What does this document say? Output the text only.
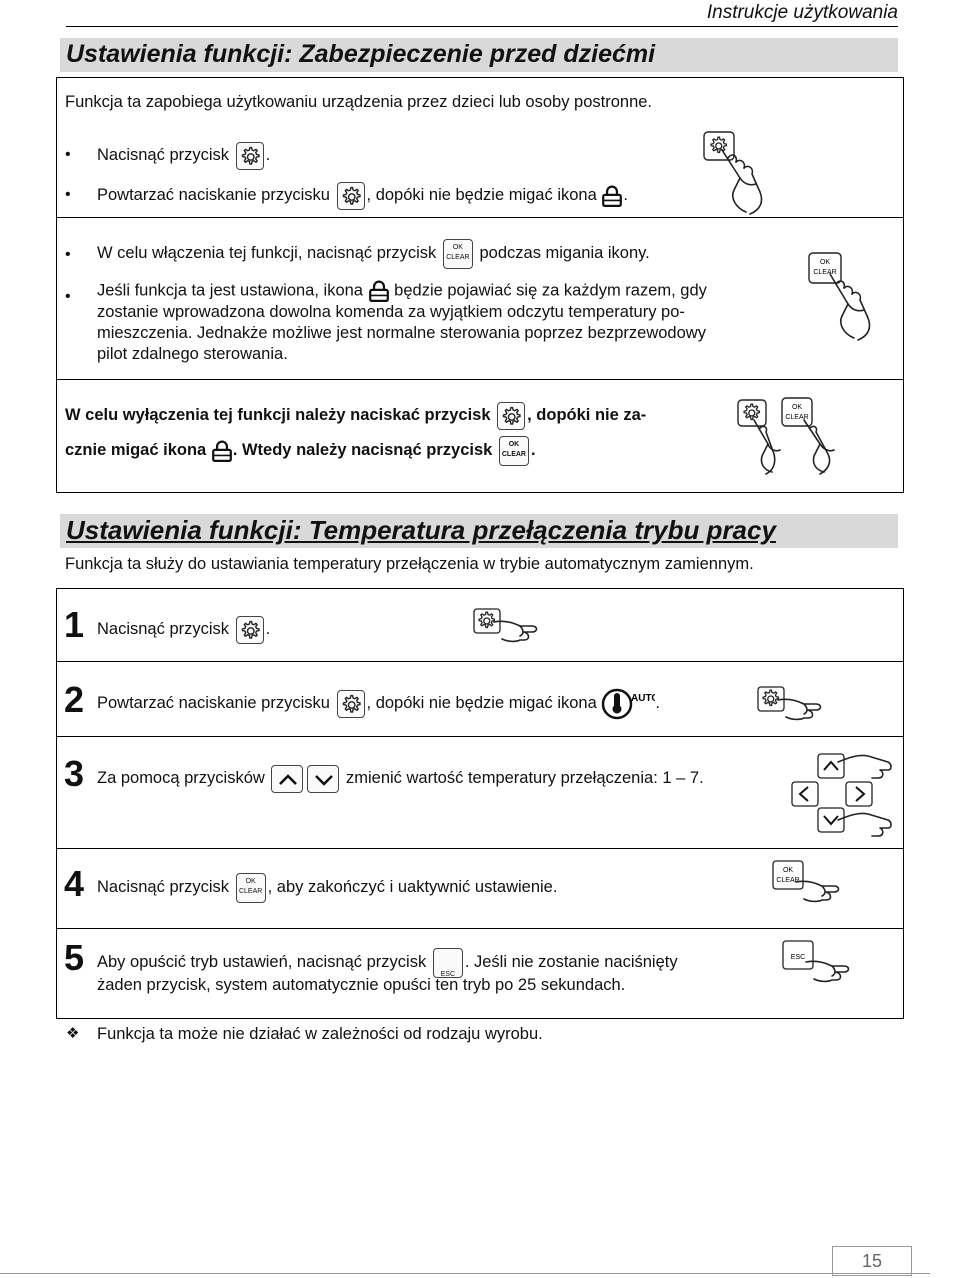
Instrukcje użytkowania
Ustawienia funkcji: Zabezpieczenie przed dziećmi
Funkcja ta zapobiega użytkowaniu urządzenia przez dzieci lub osoby postronne.
• Nacisnąć przycisk .
• Powtarzać naciskanie przycisku , dopóki nie będzie migać ikona .
• W celu włączenia tej funkcji, nacisnąć przycisk	OK
CLEAR podczas migania ikony.
• Jeśli funkcja ta jest ustawiona, ikona będzie pojawiać się za każdym razem, gdy
zostanie wprowadzona dowolna komenda za wyjątkiem odczytu temperatury po-
mieszczenia. Jednakże możliwe jest normalne sterowania poprzez bezprzewodowy
pilot zdalnego sterowania.
OK
CLEAR
W celu wyłączenia tej funkcji należy naciskać przycisk , dopóki nie za-
cznie migać ikona . Wtedy należy nacisnąć przycisk	OK
CLEAR .
OK
CLEAR
Ustawienia funkcji: Temperatura przełączenia trybu pracy
Funkcja ta służy do ustawiania temperatury przełączenia w trybie automatycznym zamiennym.
1 Nacisnąć przycisk .
2 Powtarzać naciskanie przycisku , dopóki nie będzie migać ikona	AUT .
3 Za pomocą przycisków	zmienić wartość temperatury przełączenia: 1 – 7.
4 Nacisnąć przycisk	OK
CLEAR , aby zakończyć i uaktywnić ustawienie.
OK
CLEAR
5 Aby opuścić tryb ustawień, nacisnąć przycisk
ESC
. Jeśli nie zostanie naciśnięty
żaden przycisk, system automatycznie opuści ten tryb po 25 sekundach.
ESC
❖ Funkcja ta może nie działać w zależności od rodzaju wyrobu.
15
